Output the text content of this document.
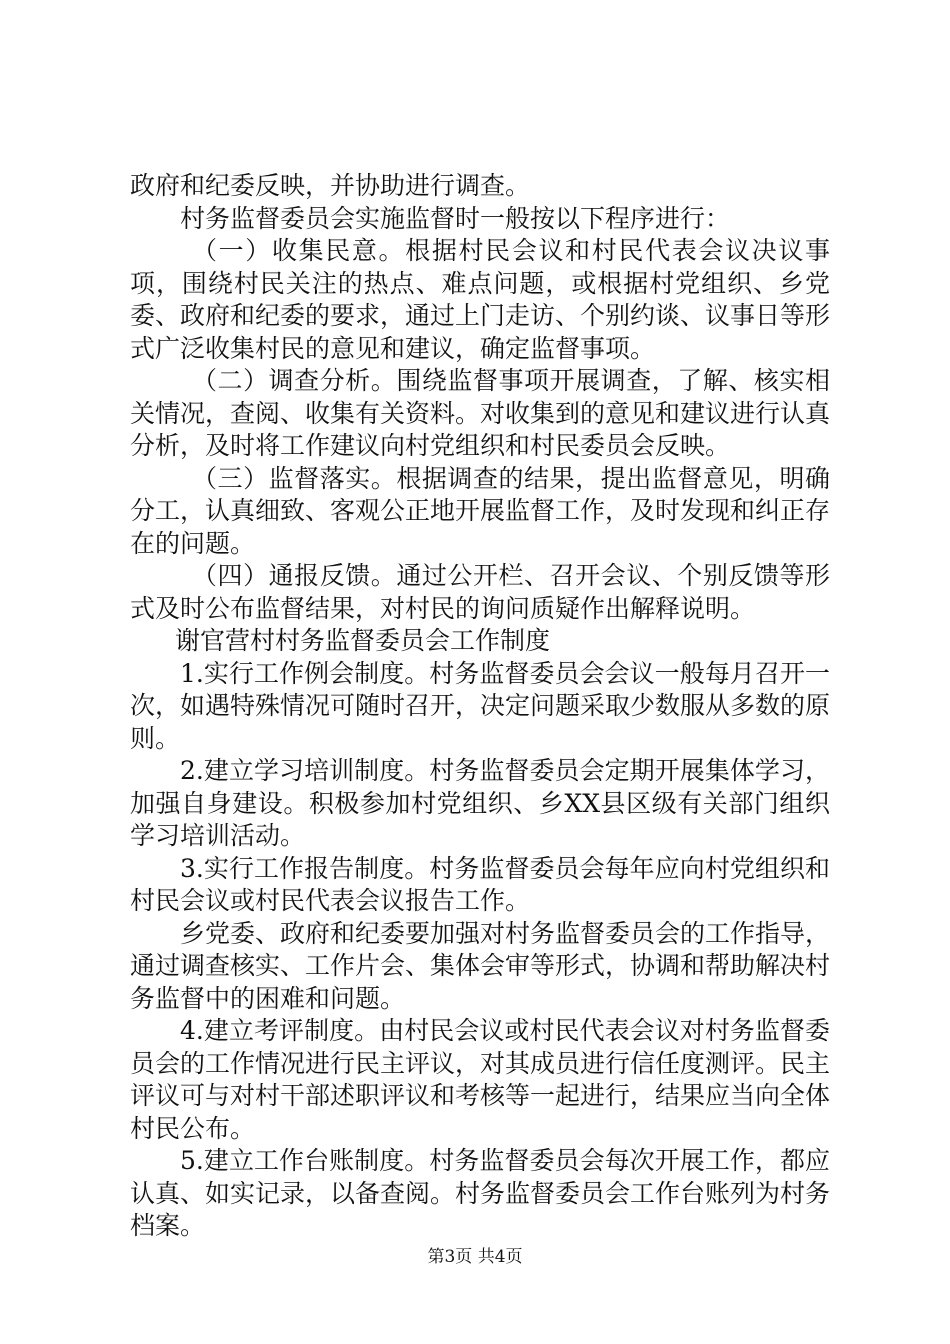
政府和纪委反映，并协助进行调查。

村务监督委员会实施监督时一般按以下程序进行：

（一）收集民意。根据村民会议和村民代表会议决议事项，围绕村民关注的热点、难点问题，或根据村党组织、乡党委、政府和纪委的要求，通过上门走访、个别约谈、议事日等形式广泛收集村民的意见和建议，确定监督事项。

（二）调查分析。围绕监督事项开展调查，了解、核实相关情况，查阅、收集有关资料。对收集到的意见和建议进行认真分析，及时将工作建议向村党组织和村民委员会反映。

（三）监督落实。根据调查的结果，提出监督意见，明确分工，认真细致、客观公正地开展监督工作，及时发现和纠正存在的问题。

（四）通报反馈。通过公开栏、召开会议、个别反馈等形式及时公布监督结果，对村民的询问质疑作出解释说明。

谢官营村村务监督委员会工作制度

1.实行工作例会制度。村务监督委员会会议一般每月召开一次，如遇特殊情况可随时召开，决定问题采取少数服从多数的原则。

2.建立学习培训制度。村务监督委员会定期开展集体学习，加强自身建设。积极参加村党组织、乡XX县区级有关部门组织学习培训活动。

3.实行工作报告制度。村务监督委员会每年应向村党组织和村民会议或村民代表会议报告工作。

乡党委、政府和纪委要加强对村务监督委员会的工作指导，通过调查核实、工作片会、集体会审等形式，协调和帮助解决村务监督中的困难和问题。

4.建立考评制度。由村民会议或村民代表会议对村务监督委员会的工作情况进行民主评议，对其成员进行信任度测评。民主评议可与对村干部述职评议和考核等一起进行，结果应当向全体村民公布。

5.建立工作台账制度。村务监督委员会每次开展工作，都应认真、如实记录，以备查阅。村务监督委员会工作台账列为村务档案。

第3页 共4页
